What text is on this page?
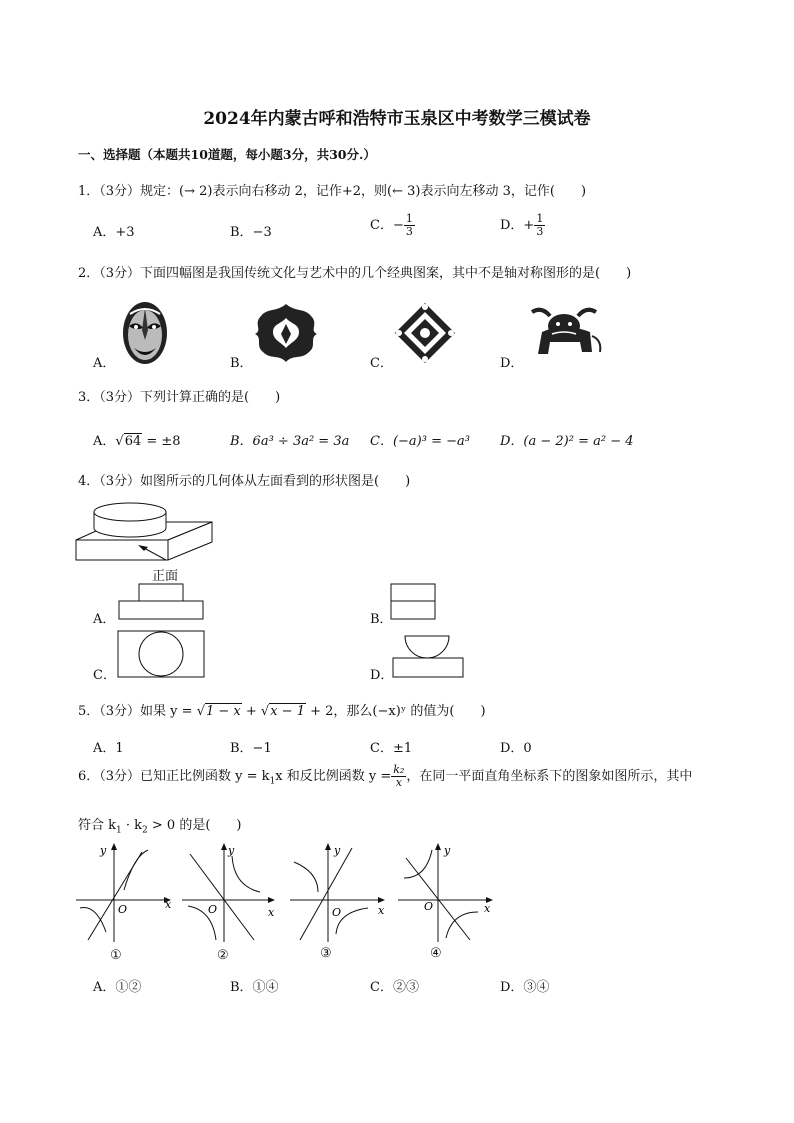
2024年内蒙古呼和浩特市玉泉区中考数学三模试卷
一、选择题（本题共10道题，每小题3分，共30分.）
1．（3分）规定：(→ 2)表示向右移动 2，记作+2，则(← 3)表示向左移动 3，记作(　　)
A．+3	B．−3	C．− $\frac{1}{3}$	D．+ $\frac{1}{3}$
2．（3分）下面四幅图是我国传统文化与艺术中的几个经典图案，其中不是轴对称图形的是(　　)
A．	B．	C．	D．
3．（3分）下列计算正确的是(　　)
A．√64 = ±8	B．6a³ ÷ 3a² = 3a C．(−a)³ = −a³ D．(a − 2)² = a² − 4
4．（3分）如图所示的几何体从左面看到的形状图是(　　)
正面
A．	B．
C．	D．
5．（3分）如果 y = √1 − x + √x − 1 + 2，那么(−x)ʸ 的值为(　　)
A．1	B．−1	C．±1	D．0
6．（3分）已知正比例函数 $y = k_1x$ 和反比例函数 $y = \frac{\text{k₂}}{x}$ ，在同一平面直角坐标系下的图象如图所示，其中
符合 $k_1 \cdot k_2 > 0$ 的是(　　)
x
y
O
①
x
y
O
②
x
y
O
③
x
y
O
④
A．①②	B．①④	C．②③	D．③④
